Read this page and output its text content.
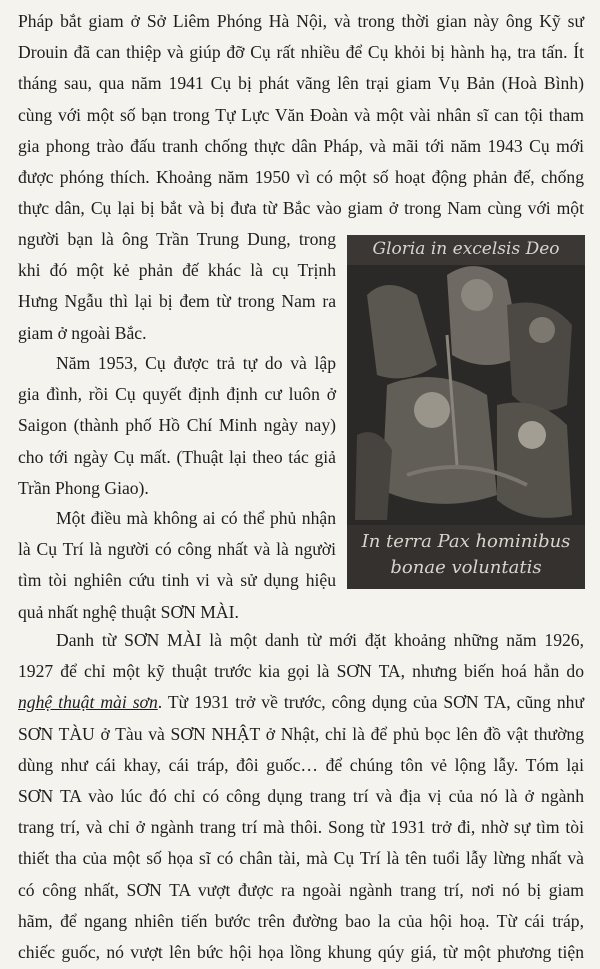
Pháp bắt giam ở Sở Liêm Phóng Hà Nội, và trong thời gian này ông Kỹ sư
Drouin đã can thiệp và giúp đỡ Cụ rất nhiều để Cụ khỏi bị hành hạ, tra tấn. Ít
tháng sau, qua năm 1941 Cụ bị phát vãng lên trại giam Vụ Bản (Hoà Bình)
cùng với một số bạn trong Tự Lực Văn Đoàn và một vài nhân sĩ can tội tham
gia phong trào đấu tranh chống thực dân Pháp, và mãi tới năm 1943 Cụ mới
được phóng thích. Khoảng năm 1950 vì có một số hoạt động phản đế, chống
thực dân, Cụ lại bị bắt và bị đưa từ Bắc vào giam ở trong Nam cùng với một

người bạn là ông Trần Trung Dung, trong
khi đó một kẻ phản đế khác là cụ Trịnh
Hưng Ngẫu thì lại bị đem từ trong Nam ra
giam ở ngoài Bắc.

Năm 1953, Cụ được trả tự do và lập
gia đình, rồi Cụ quyết định định cư luôn ở
Saigon (thành phố Hồ Chí Minh ngày nay)
cho tới ngày Cụ mất. (Thuật lại theo tác giả
Trần Phong Giao).

Một điều mà không ai có thể phủ nhận
là Cụ Trí là người có công nhất và là người
tìm tòi nghiên cứu tinh vi và sử dụng hiệu
quả nhất nghệ thuật SƠN MÀI.

Danh từ SƠN MÀI là một danh từ mới đặt khoảng những năm 1926,
1927 để chỉ một kỹ thuật trước kia gọi là SƠN TA, nhưng biến hoá hẳn do
nghệ thuật mài sơn. Từ 1931 trở về trước, công dụng của SƠN TA, cũng như
SƠN TÀU ở Tàu và SƠN NHẬT ở Nhật, chỉ là để phủ bọc lên đồ vật thường
dùng như cái khay, cái tráp, đôi guốc… để chúng tôn vẻ lộng lẫy. Tóm lại
SƠN TA vào lúc đó chỉ có công dụng trang trí và địa vị của nó là ở ngành
trang trí, và chỉ ở ngành trang trí mà thôi. Song từ 1931 trở đi, nhờ sự tìm tòi
thiết tha của một số họa sĩ có chân tài, mà Cụ Trí là tên tuổi lẫy lừng nhất và
có công nhất, SƠN TA vượt được ra ngoài ngành trang trí, nơi nó bị giam
hãm, để ngang nhiên tiến bước trên đường bao la của hội hoạ. Từ cái tráp,
chiếc guốc, nó vượt lên bức hội họa lồng khung qúy giá, từ một phương tiện

Gloria in excelsis Deo
In terra Pax hominibus
bonae voluntatis
